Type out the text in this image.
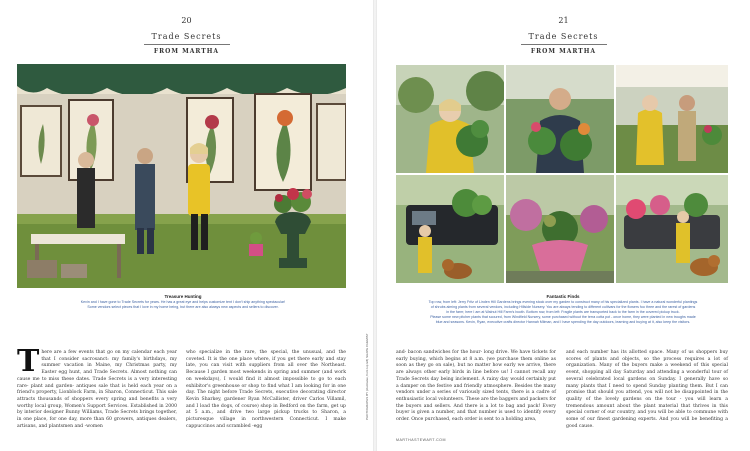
20
Trade Secrets
FROM MARTHA
Treasure Hunting
Kevin and I have gone to Trade Secrets for years. He has a great eye and helps customize tent I don't ship anything spectacular!
Some vendors select pieces that I love in my home being, but there are also always new aspects and sellers to discover.
T here are a few events that go on my calendar each year that I consider sacrosanct: my family's birthdays, my summer vacation in Maine, my Christmas party, my Easter egg hunt, and Trade Secrets. Almost nothing can cause me to miss these dates. Trade Secrets is a very interesting rare- plant and garden- antiques sale that is held each year on a friend's property, Lionblock Farm, in Sharon, Connecticut. This sale attracts thousands of shoppers every spring and benefits a very worthy local group, Women's Support Services. Established in 2000 by interior designer Bunny Williams, Trade Secrets brings together, in one place, for one day, more than 60 growers, antiques dealers, artisans, and plantsmen and -women
who specialize in the rare, the special, the unusual, and the coveted. It is the one place where, if you get there early and stay late, you can visit with suppliers from all over the Northeast. Because I garden most weekends in spring and summer (and work on weekdays), I would find it almost impossible to go to each exhibitor's greenhouse or shop to find what I am looking for in one day. The night before Trade Secrets, executive decorating director Kevin Sharkey, gardener Ryan McCallister, driver Carlos Villamil, and I load the dogs, of course) shop in Bedford on the farm, get up at 5 a.m., and drive two large pickup trucks to Sharon, a picturesque village in northwestern Connecticut. I make cappuccinos and scrambled -egg
PHOTOGRAPHS BY (clockwise, from top left) SHAPE CHEMIST
21
Trade Secrets
FROM MARTHA
Fantastic Finds
Top row, from left: Jerry Fritz of Linden Hill Gardens brings evening stock over my garden to construct many of his specialized plants. I have a natural wonderful plantings
of shrubs aiming plants from several vendors, including Hillside Nursery. You are always tending to different cultivars for the flowers foo three and the rarest of gardens
in the farm; here I am at Walnut Hill Farm's booth. Bottom row, from left: Fragile plants are transported back to the farm in the covered pickup truck.
Please some new pitcher plants that scoured, from Windfield Nursery, some purchased without the terra cotta pot - once home, they were planted in new troughs made
blue and seasons. Kevin, Ryan, executive crafts director Hannah Milman, and I have spending the day outdoors, learning and buying at it, also keep the visitors.
and- bacon sandwiches for the hour- long drive. We have tickets for early buying, which begins at 8 a.m. (we purchase them online as soon as they go on sale), but no matter how early we arrive, there are always other early birds in line before us! I cannot recall any Trade Secrets day being inclement. A rainy day would certainly put a damper on the festive and friendly atmosphere. Besides the many vendors under a series of variously sized tents, there is a cadre of enthusiastic local volunteers. These are the baggers and packers for the buyers and sellers. And there is a lot to bag and pack! Every buyer is given a number, and that number is used to identify every order. Once purchased, each order is sent to a holding area,
and each number has its allotted space. Many of us shoppers buy scores of plants and objects, so the process requires a lot of organization. Many of the buyers make a weekend of this special event, shopping all day Saturday and attending a wonderful tour of several celebrated local gardens on Sunday. I generally have so many plants that I need to spend Sunday planting them. But I can promise that should you attend, you will not be disappointed in the quality of the lovely gardens on the tour - you will learn a tremendous amount about the plant material that thrives in this special corner of our country, and you will be able to commune with some of our finest gardening experts. And you will be benefiting a good cause.
MARTHASTEWART.COM
